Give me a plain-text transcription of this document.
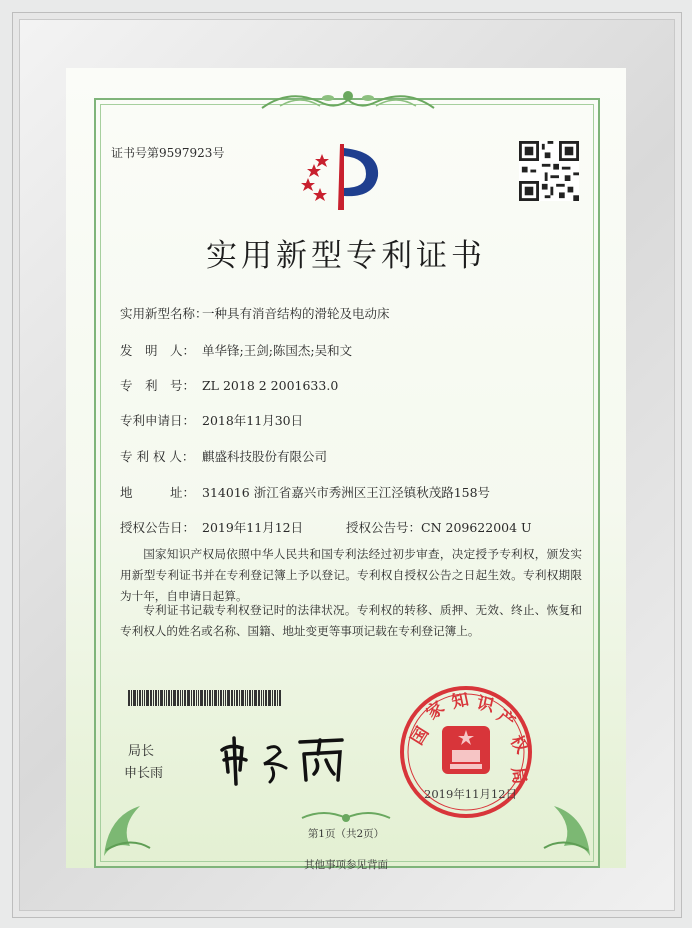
证书号第9597923号
实用新型专利证书
实用新型名称：一种具有消音结构的滑轮及电动床
发　明　人： 单华锋;王剑;陈国杰;吴和文
专　利　号： ZL 2018 2 2001633.0
专利申请日： 2018年11月30日
专 利 权 人： 麒盛科技股份有限公司
地　　　址： 314016 浙江省嘉兴市秀洲区王江泾镇秋茂路158号
授权公告日： 2019年11月12日	授权公告号：CN 209622004 U
国家知识产权局依照中华人民共和国专利法经过初步审查，决定授予专利权，颁发实用新型专利证书并在专利登记簿上予以登记。专利权自授权公告之日起生效。专利权期限为十年，自申请日起算。
专利证书记载专利权登记时的法律状况。专利权的转移、质押、无效、终止、恢复和专利权人的姓名或名称、国籍、地址变更等事项记载在专利登记簿上。
局长
申长雨
国
家 知 识
产
权
局
2019年11月12日
第1页（共2页）
其他事项参见背面
